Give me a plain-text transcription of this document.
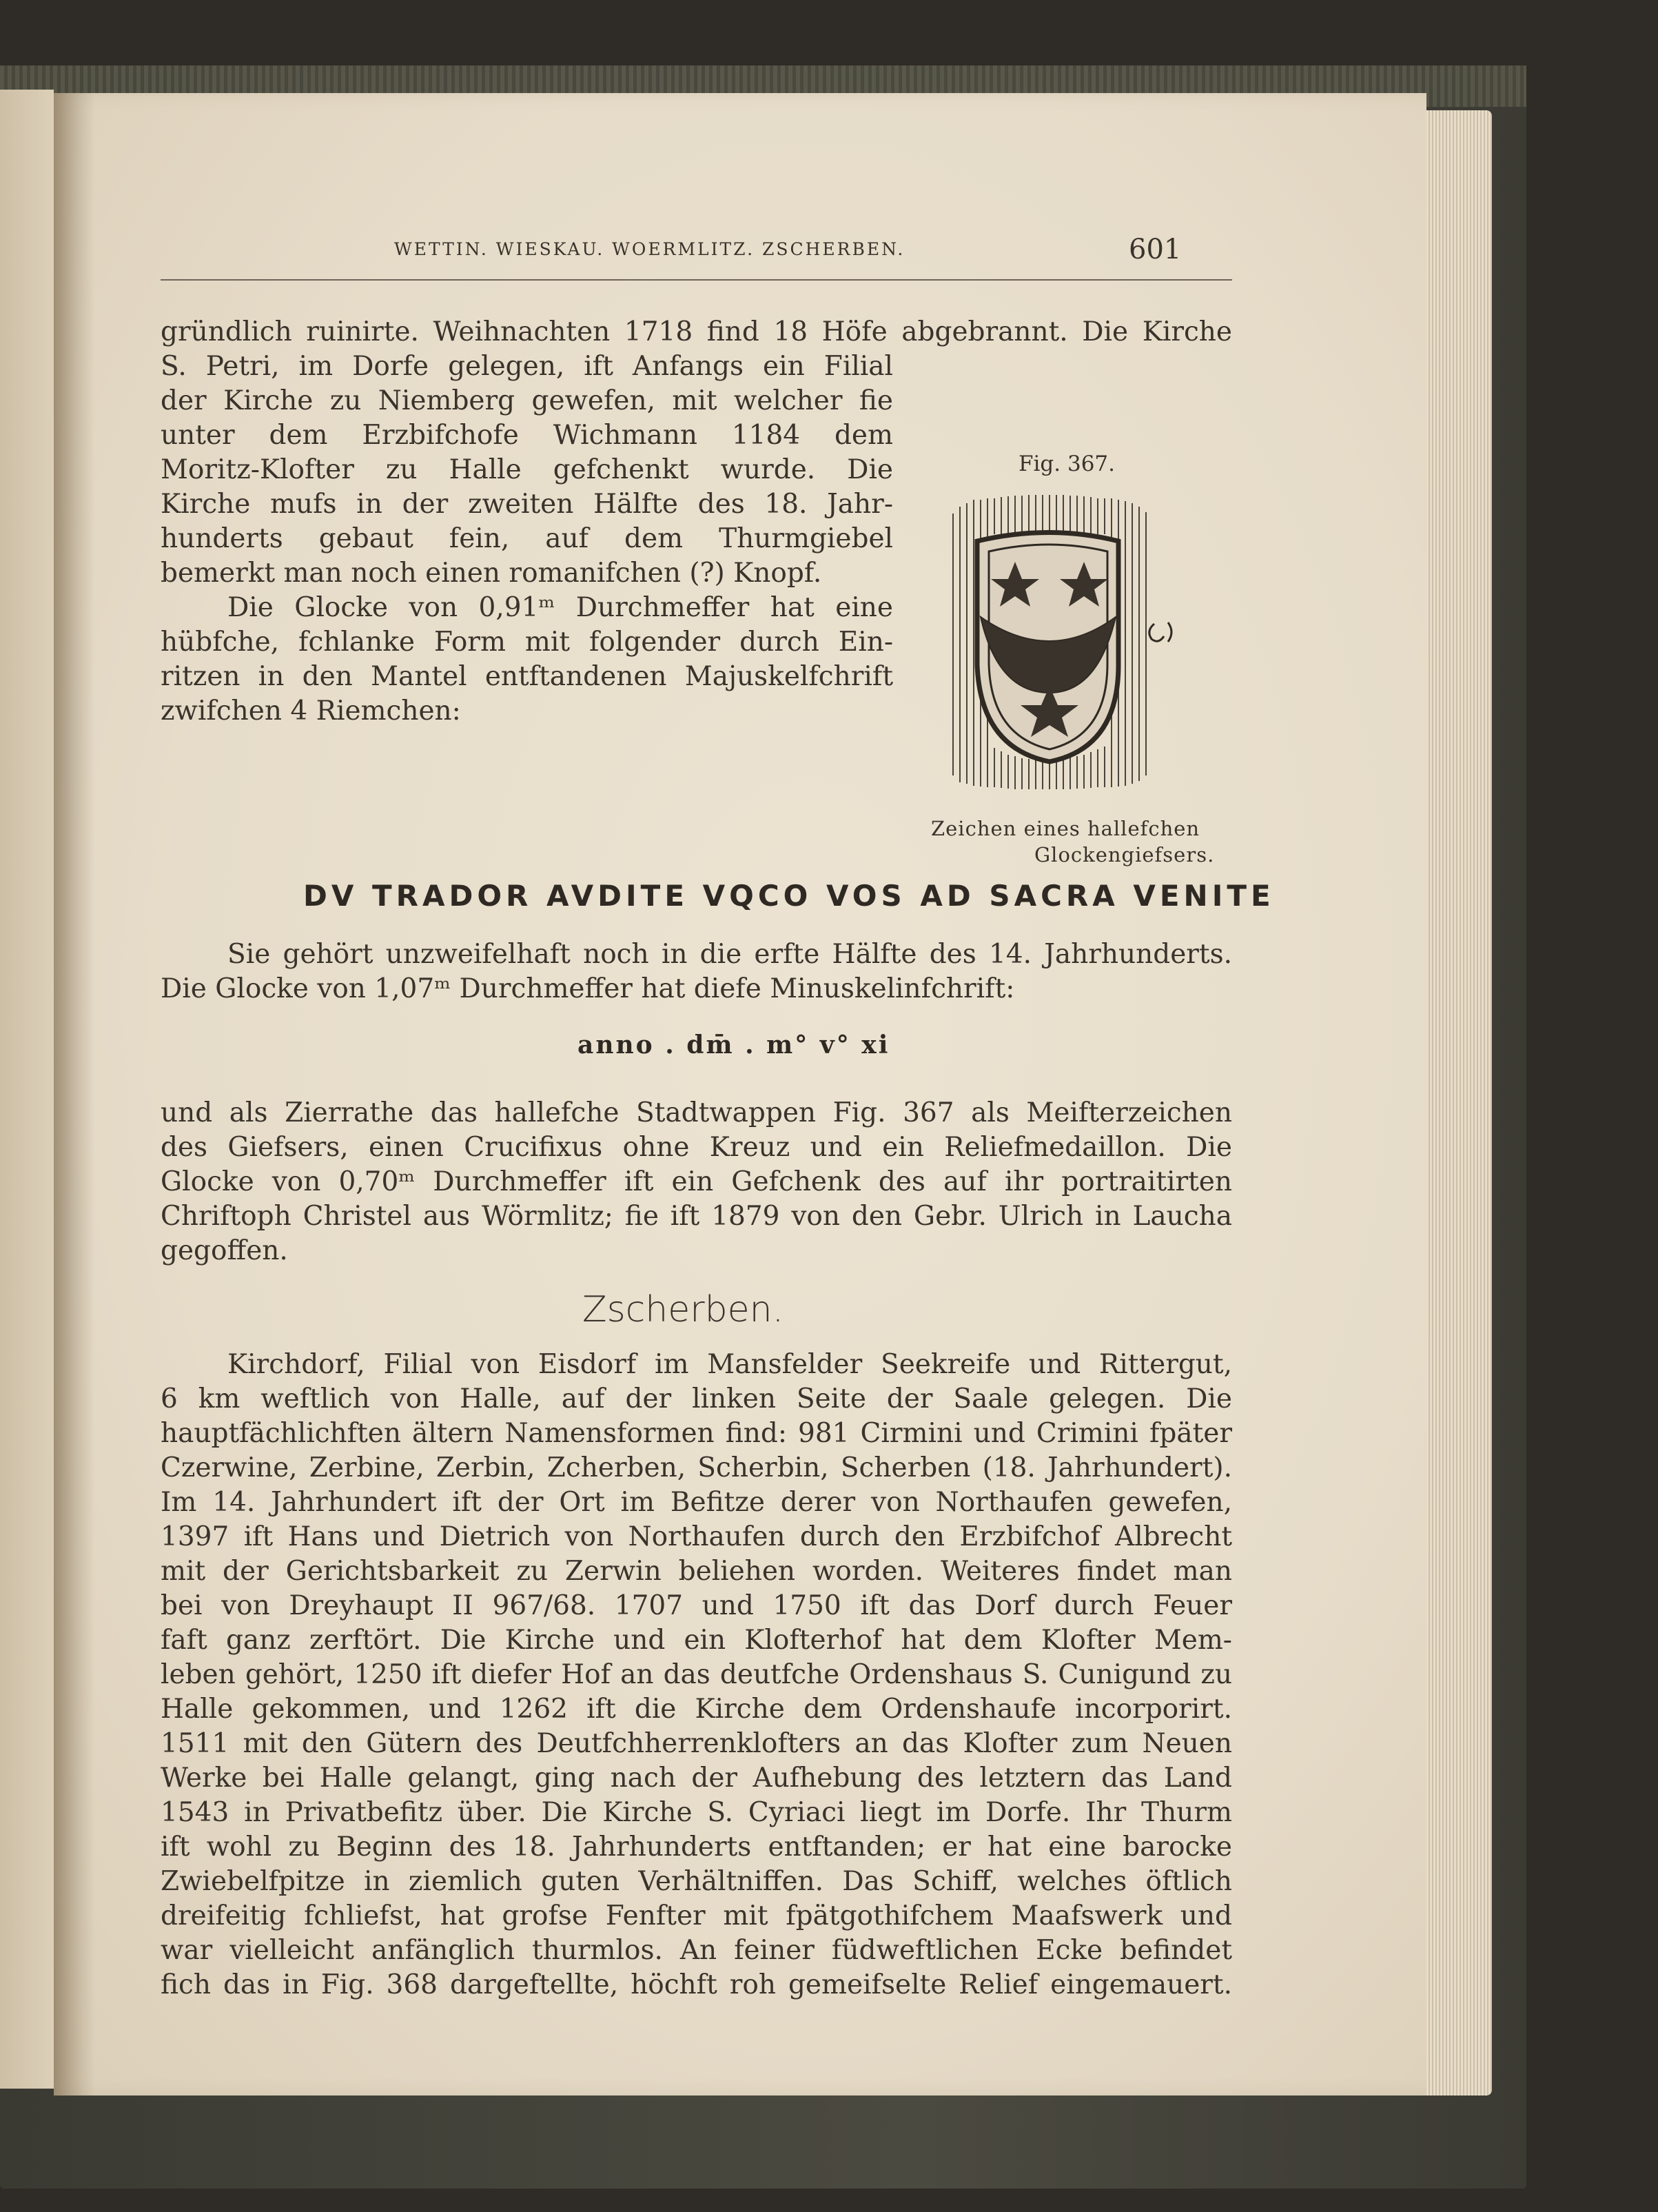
WETTIN. WIESKAU. WOERMLITZ. ZSCHERBEN.	601
gründlich ruinirte. Weihnachten 1718 find 18 Höfe abgebrannt. Die Kirche
S. Petri, im Dorfe gelegen, ift Anfangs ein Filial
der Kirche zu Niemberg gewefen, mit welcher fie
unter dem Erzbifchofe Wichmann 1184 dem
Moritz-Klofter zu Halle gefchenkt wurde. Die
Kirche mufs in der zweiten Hälfte des 18. Jahr-
hunderts gebaut fein, auf dem Thurmgiebel
bemerkt man noch einen romanifchen (?) Knopf.
Die Glocke von 0,91ᵐ Durchmeffer hat eine
hübfche, fchlanke Form mit folgender durch Ein-
ritzen in den Mantel entftandenen Majuskelfchrift
zwifchen 4 Riemchen:
Fig. 367.
Zeichen eines hallefchen
Glockengiefsers.
DV TRADOR AVDITE VQCO VOS AD SACRA VENITE
Sie gehört unzweifelhaft noch in die erfte Hälfte des 14. Jahrhunderts.
Die Glocke von 1,07ᵐ Durchmeffer hat diefe Minuskelinfchrift:
anno . dm̄ . m° v° xi
und als Zierrathe das hallefche Stadtwappen Fig. 367 als Meifterzeichen
des Giefsers, einen Crucifixus ohne Kreuz und ein Reliefmedaillon. Die
Glocke von 0,70ᵐ Durchmeffer ift ein Gefchenk des auf ihr portraitirten
Chriftoph Christel aus Wörmlitz; fie ift 1879 von den Gebr. Ulrich in Laucha
gegoffen.
Zscherben.
Kirchdorf, Filial von Eisdorf im Mansfelder Seekreife und Rittergut,
6 km weftlich von Halle, auf der linken Seite der Saale gelegen. Die
hauptfächlichften ältern Namensformen find: 981 Cirmini und Crimini fpäter
Czerwine, Zerbine, Zerbin, Zcherben, Scherbin, Scherben (18. Jahrhundert).
Im 14. Jahrhundert ift der Ort im Befitze derer von Northaufen gewefen,
1397 ift Hans und Dietrich von Northaufen durch den Erzbifchof Albrecht
mit der Gerichtsbarkeit zu Zerwin beliehen worden. Weiteres findet man
bei von Dreyhaupt II 967/68. 1707 und 1750 ift das Dorf durch Feuer
faft ganz zerftört. Die Kirche und ein Klofterhof hat dem Klofter Mem-
leben gehört, 1250 ift diefer Hof an das deutfche Ordenshaus S. Cunigund zu
Halle gekommen, und 1262 ift die Kirche dem Ordenshaufe incorporirt.
1511 mit den Gütern des Deutfchherrenklofters an das Klofter zum Neuen
Werke bei Halle gelangt, ging nach der Aufhebung des letztern das Land
1543 in Privatbefitz über. Die Kirche S. Cyriaci liegt im Dorfe. Ihr Thurm
ift wohl zu Beginn des 18. Jahrhunderts entftanden; er hat eine barocke
Zwiebelfpitze in ziemlich guten Verhältniffen. Das Schiff, welches öftlich
dreifeitig fchliefst, hat grofse Fenfter mit fpätgothifchem Maafswerk und
war vielleicht anfänglich thurmlos. An feiner füdweftlichen Ecke befindet
fich das in Fig. 368 dargeftellte, höchft roh gemeifselte Relief eingemauert.
